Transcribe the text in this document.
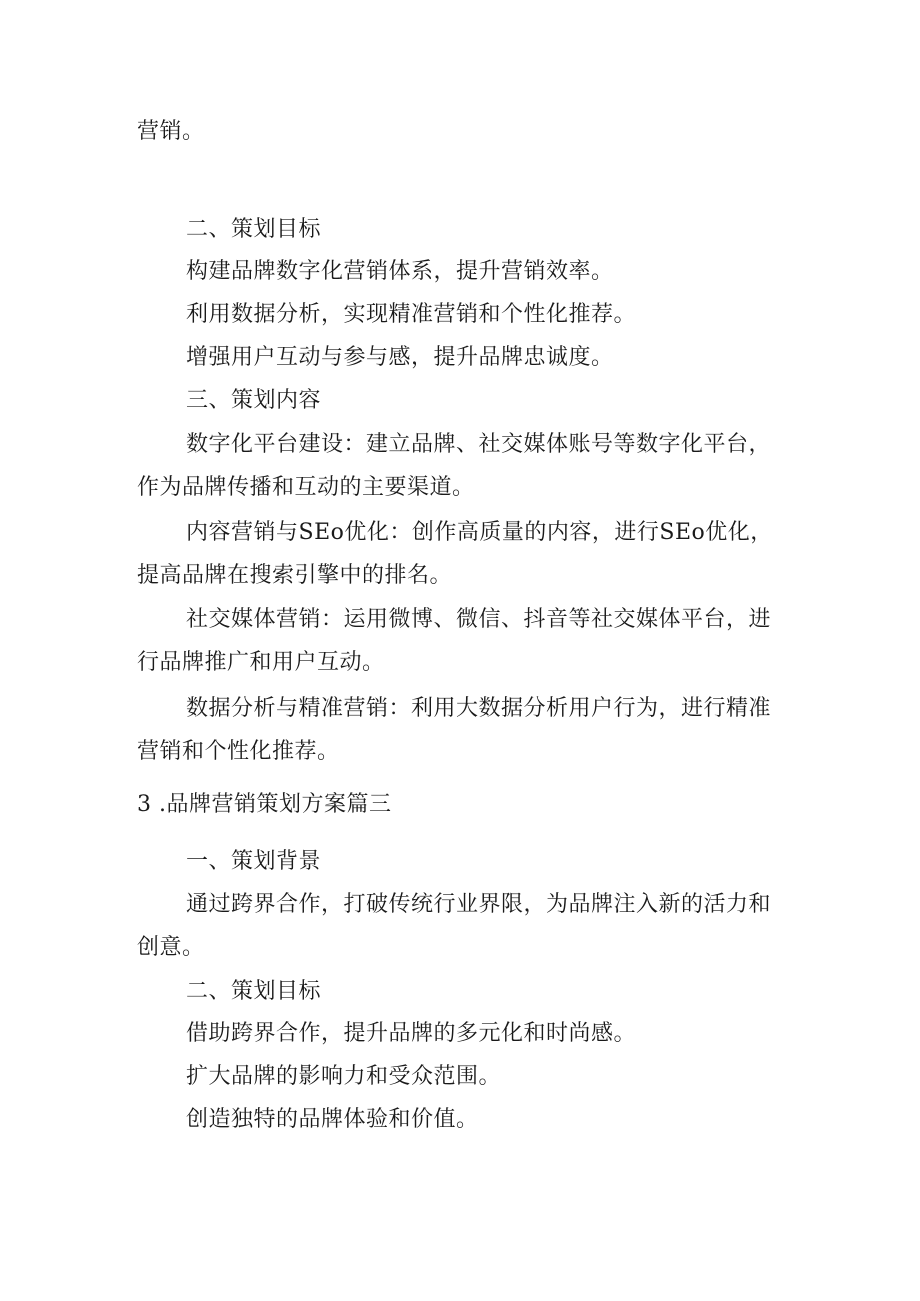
营销。
二、策划目标
构建品牌数字化营销体系，提升营销效率。
利用数据分析，实现精准营销和个性化推荐。
增强用户互动与参与感，提升品牌忠诚度。
三、策划内容
数字化平台建设：建立品牌、社交媒体账号等数字化平台，
作为品牌传播和互动的主要渠道。
内容营销与SEo优化：创作高质量的内容，进行SEo优化，
提高品牌在搜索引擎中的排名。
社交媒体营销：运用微博、微信、抖音等社交媒体平台，进
行品牌推广和用户互动。
数据分析与精准营销：利用大数据分析用户行为，进行精准
营销和个性化推荐。
3 .品牌营销策划方案篇三
一、策划背景
通过跨界合作，打破传统行业界限，为品牌注入新的活力和
创意。
二、策划目标
借助跨界合作，提升品牌的多元化和时尚感。
扩大品牌的影响力和受众范围。
创造独特的品牌体验和价值。
